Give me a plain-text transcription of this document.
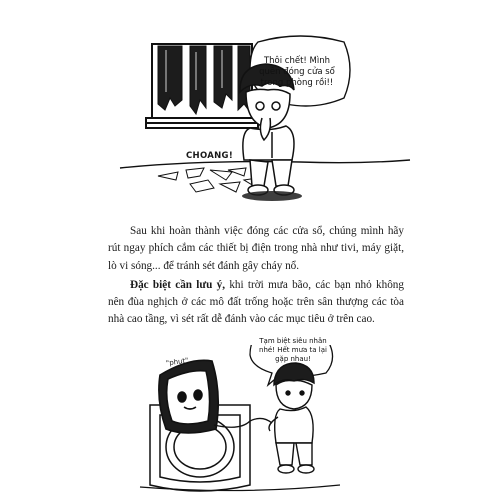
Thôi chết! Mình quên đóng cửa sổ trong phòng rồi!!
CHOANG!

Sau khi hoàn thành việc đóng các cửa sổ, chúng mình hãy rút ngay phích cắm các thiết bị điện trong nhà như tivi, máy giặt, lò vi sóng... để tránh sét đánh gây cháy nổ.

Đặc biệt cần lưu ý, khi trời mưa bão, các bạn nhỏ không nên đùa nghịch ở các mô đất trống hoặc trên sân thượng các tòa nhà cao tầng, vì sét rất dễ đánh vào các mục tiêu ở trên cao.

Tạm biệt siêu nhân nhé! Hết mưa ta lại gặp nhau!
"phụt"
